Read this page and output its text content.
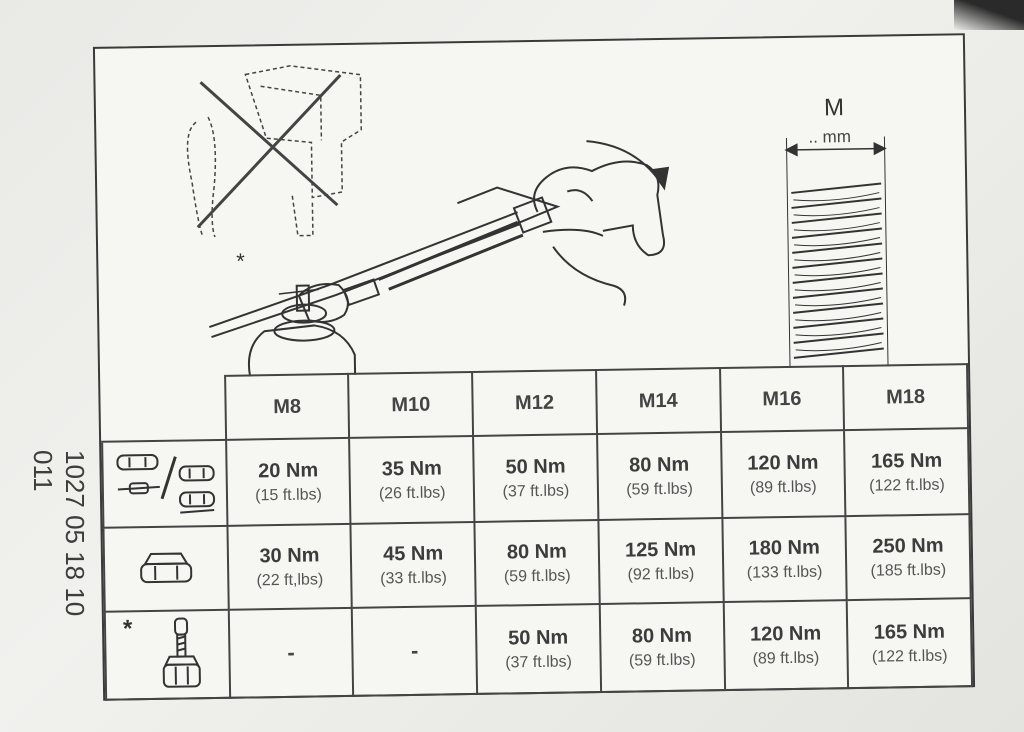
1027 05 18 10
011
*
M
.. mm
	M8	M10	M12	M14	M16	M18

20 Nm
(15 ft.lbs)	35 Nm
(26 ft.lbs)	50 Nm
(37 ft.lbs)	80 Nm
(59 ft.lbs)	120 Nm
(89 ft.lbs)	165 Nm
(122 ft.lbs)

30 Nm
(22 ft,lbs)	45 Nm
(33 ft.lbs)	80 Nm
(59 ft.lbs)	125 Nm
(92 ft.lbs)	180 Nm
(133 ft.lbs)	250 Nm
(185 ft.lbs)

*	-	-	50 Nm
(37 ft.lbs)	80 Nm
(59 ft.lbs)	120 Nm
(89 ft.lbs)	165 Nm
(122 ft.lbs)
